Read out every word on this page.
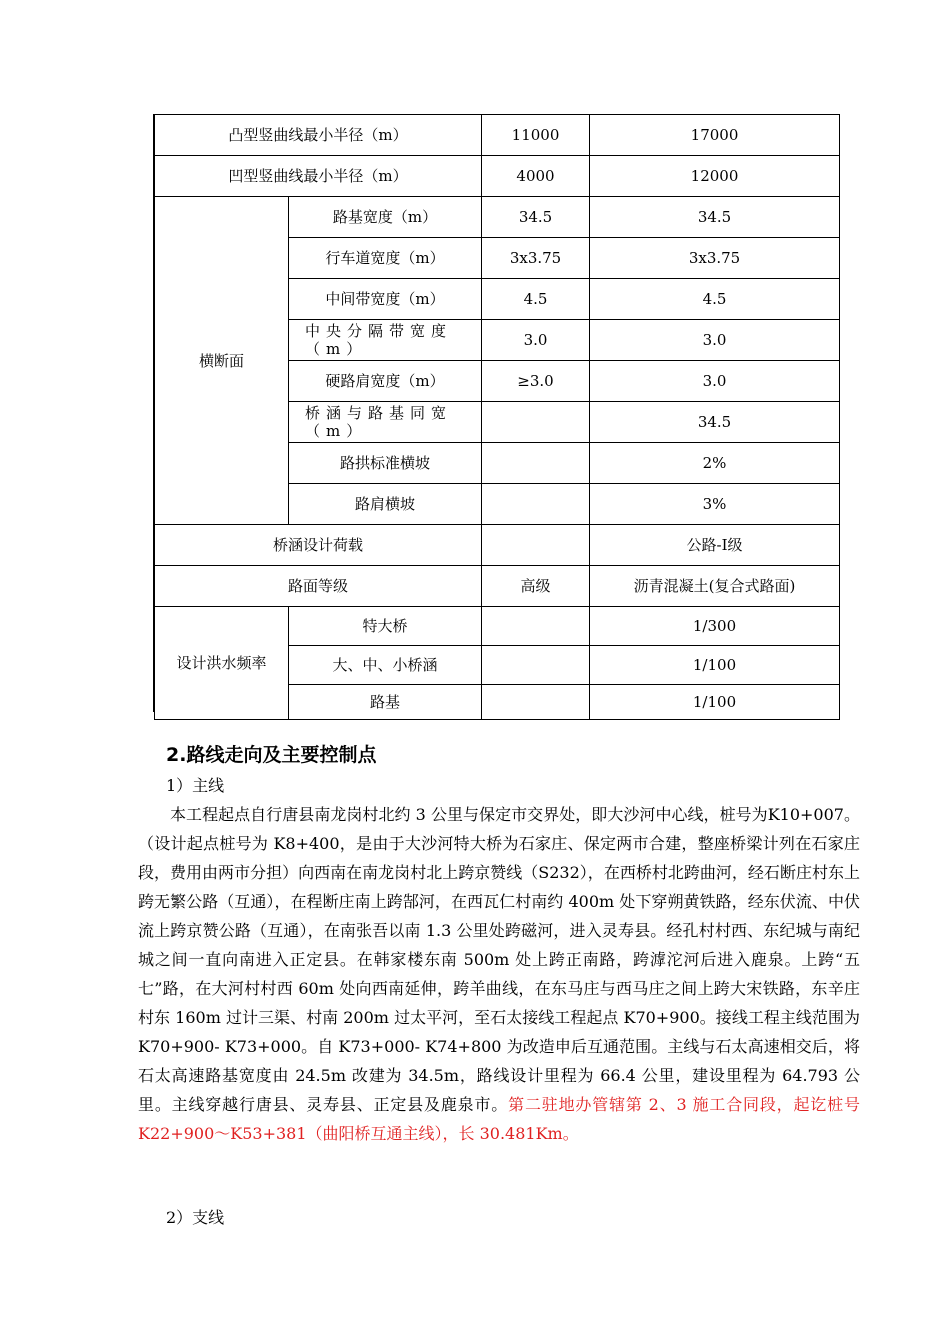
凸型竖曲线最小半径（m）		11000	17000
凹型竖曲线最小半径（m）		4000	12000
横断面	路基宽度（m）	34.5	34.5
	行车道宽度（m）	3x3.75	3x3.75
	中间带宽度（m）	4.5	4.5
	中央分隔带宽度（m）	3.0	3.0
	硬路肩宽度（m）	≥3.0	3.0
	桥涵与路基同宽（m）		34.5
	路拱标准横坡		2%
	路肩横坡		3%
桥涵设计荷载			公路-I级
路面等级		高级	沥青混凝土(复合式路面)
设计洪水频率	特大桥		1/300
	大、中、小桥涵		1/100
	路基		1/100
2.路线走向及主要控制点
1）主线

本工程起点自行唐县南龙岗村北约 3 公里与保定市交界处，即大沙河中心线，桩号为K10+007。（设计起点桩号为 K8+400，是由于大沙河特大桥为石家庄、保定两市合建，整座桥梁计列在石家庄段，费用由两市分担）向西南在南龙岗村北上跨京赞线（S232），在西桥村北跨曲河，经石断庄村东上跨无繁公路（互通），在程断庄南上跨郜河，在西瓦仁村南约 400m 处下穿朔黄铁路，经东伏流、中伏流上跨京赞公路（互通），在南张吾以南 1.3 公里处跨磁河，进入灵寿县。经孔村村西、东纪城与南纪城之间一直向南进入正定县。在韩家楼东南 500m 处上跨正南路，跨滹沱河后进入鹿泉。上跨“五七”路，在大河村村西 60m 处向西南延伸，跨羊曲线，在东马庄与西马庄之间上跨大宋铁路，东辛庄村东 160m 过计三渠、村南 200m 过太平河，至石太接线工程起点 K70+900。接线工程主线范围为 K70+900- K73+000。自 K73+000- K74+800 为改造申后互通范围。主线与石太高速相交后，将石太高速路基宽度由 24.5m 改建为 34.5m，路线设计里程为 66.4 公里，建设里程为 64.793 公里。主线穿越行唐县、灵寿县、正定县及鹿泉市。第二驻地办管辖第 2、3 施工合同段，起讫桩号 K22+900～K53+381（曲阳桥互通主线），长 30.481Km。

2）支线
